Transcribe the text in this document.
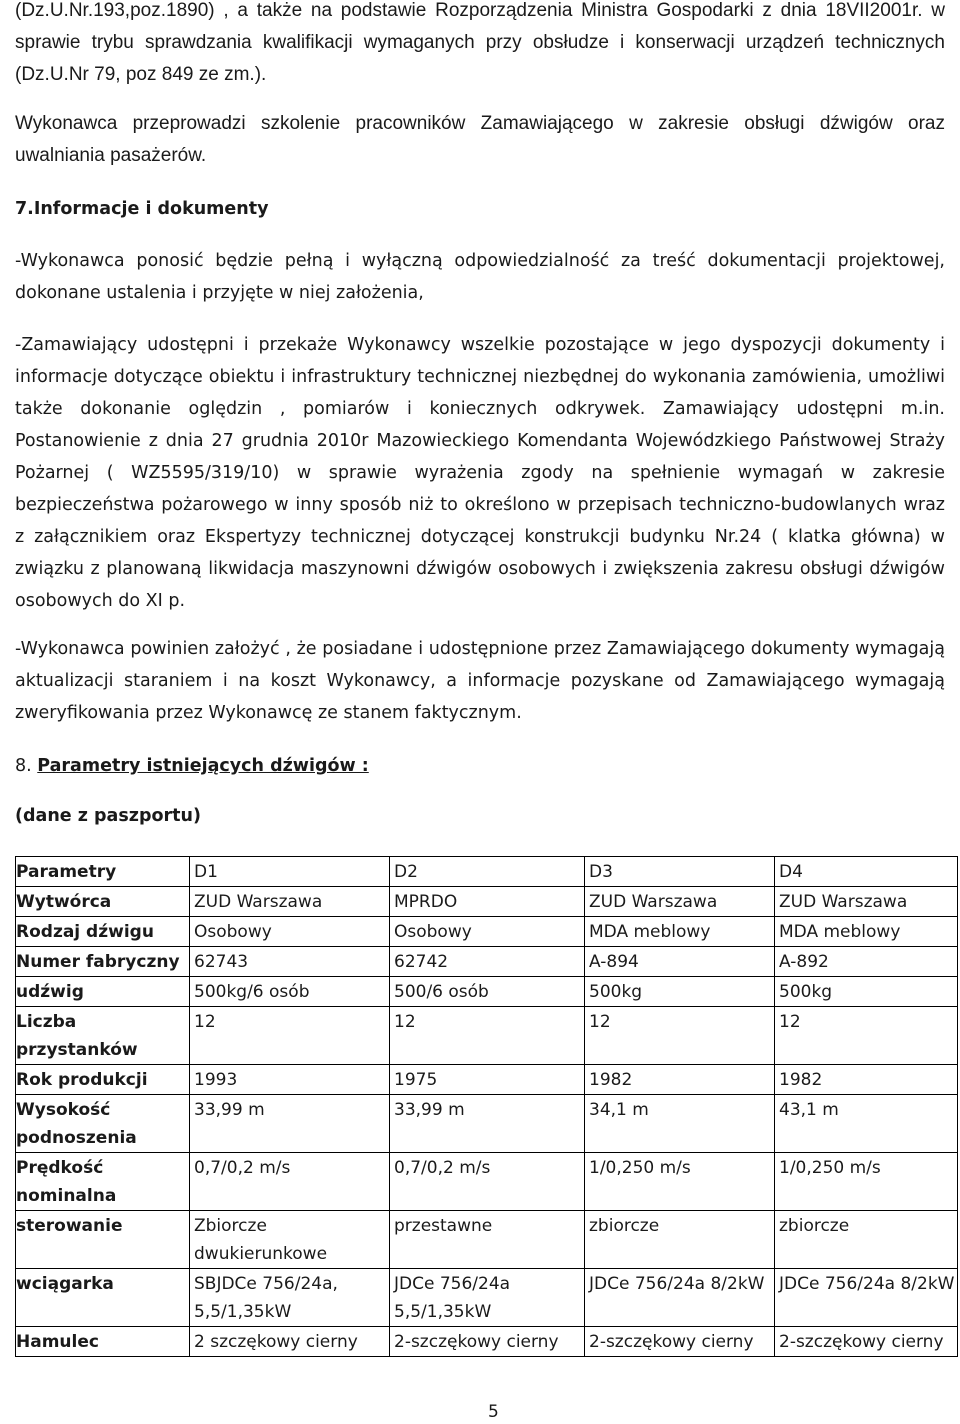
(Dz.U.Nr.193,poz.1890) , a także na podstawie Rozporządzenia Ministra Gospodarki z dnia 18VII2001r. w sprawie trybu sprawdzania kwalifikacji wymaganych przy obsłudze i konserwacji urządzeń technicznych (Dz.U.Nr 79, poz 849 ze zm.).
Wykonawca przeprowadzi szkolenie pracowników Zamawiającego w zakresie obsługi dźwigów oraz uwalniania pasażerów.
7.Informacje i dokumenty
-Wykonawca ponosić będzie pełną i wyłączną odpowiedzialność za treść dokumentacji projektowej, dokonane ustalenia i przyjęte w niej założenia,
-Zamawiający udostępni i przekaże Wykonawcy wszelkie pozostające w jego dyspozycji dokumenty i informacje dotyczące obiektu i infrastruktury technicznej niezbędnej do wykonania zamówienia, umożliwi także dokonanie oględzin , pomiarów i koniecznych odkrywek. Zamawiający udostępni m.in. Postanowienie z dnia 27 grudnia 2010r Mazowieckiego Komendanta Wojewódzkiego Państwowej Straży Pożarnej ( WZ5595/319/10) w sprawie wyrażenia zgody na spełnienie wymagań w zakresie bezpieczeństwa pożarowego w inny sposób niż to określono w przepisach techniczno-budowlanych wraz z załącznikiem oraz Ekspertyzy technicznej dotyczącej konstrukcji budynku Nr.24 ( klatka główna) w związku z planowaną likwidacja maszynowni dźwigów osobowych i zwiększenia zakresu obsługi dźwigów osobowych do XI p.
-Wykonawca powinien założyć , że posiadane i udostępnione przez Zamawiającego dokumenty wymagają aktualizacji staraniem i na koszt Wykonawcy, a informacje pozyskane od Zamawiającego wymagają zweryfikowania przez Wykonawcę ze stanem faktycznym.
8. Parametry istniejących dźwigów :
(dane z paszportu)
Parametry	D1	D2	D3	D4
Wytwórca	ZUD Warszawa	MPRDO	ZUD Warszawa	ZUD Warszawa
Rodzaj dźwigu	Osobowy	Osobowy	MDA meblowy	MDA meblowy
Numer fabryczny	62743	62742	A-894	A-892
udźwig	500kg/6 osób	500/6 osób	500kg	500kg
Liczba przystanków	12	12	12	12
Rok produkcji	1993	1975	1982	1982
Wysokość podnoszenia	33,99 m	33,99 m	34,1 m	43,1 m
Prędkość nominalna	0,7/0,2 m/s	0,7/0,2 m/s	1/0,250 m/s	1/0,250 m/s
sterowanie	Zbiorcze dwukierunkowe	przestawne	zbiorcze	zbiorcze
wciągarka	SBJDCe 756/24a, 5,5/1,35kW	JDCe 756/24a 5,5/1,35kW	JDCe 756/24a 8/2kW	JDCe 756/24a 8/2kW
Hamulec	2 szczękowy cierny	2-szczękowy cierny	2-szczękowy cierny	2-szczękowy cierny
5
